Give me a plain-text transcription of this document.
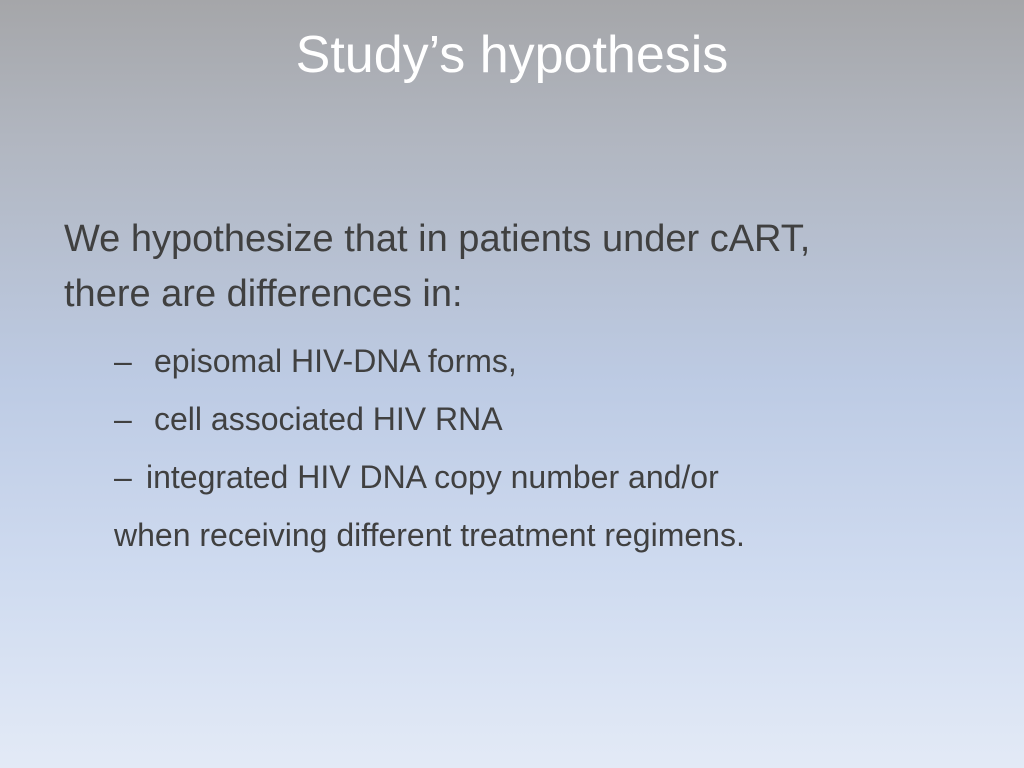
Study’s hypothesis

We hypothesize that in patients under cART,

there are differences in:

– episomal HIV-DNA forms,
– cell associated HIV RNA
– integrated HIV DNA copy number and/or

when receiving different treatment regimens.
